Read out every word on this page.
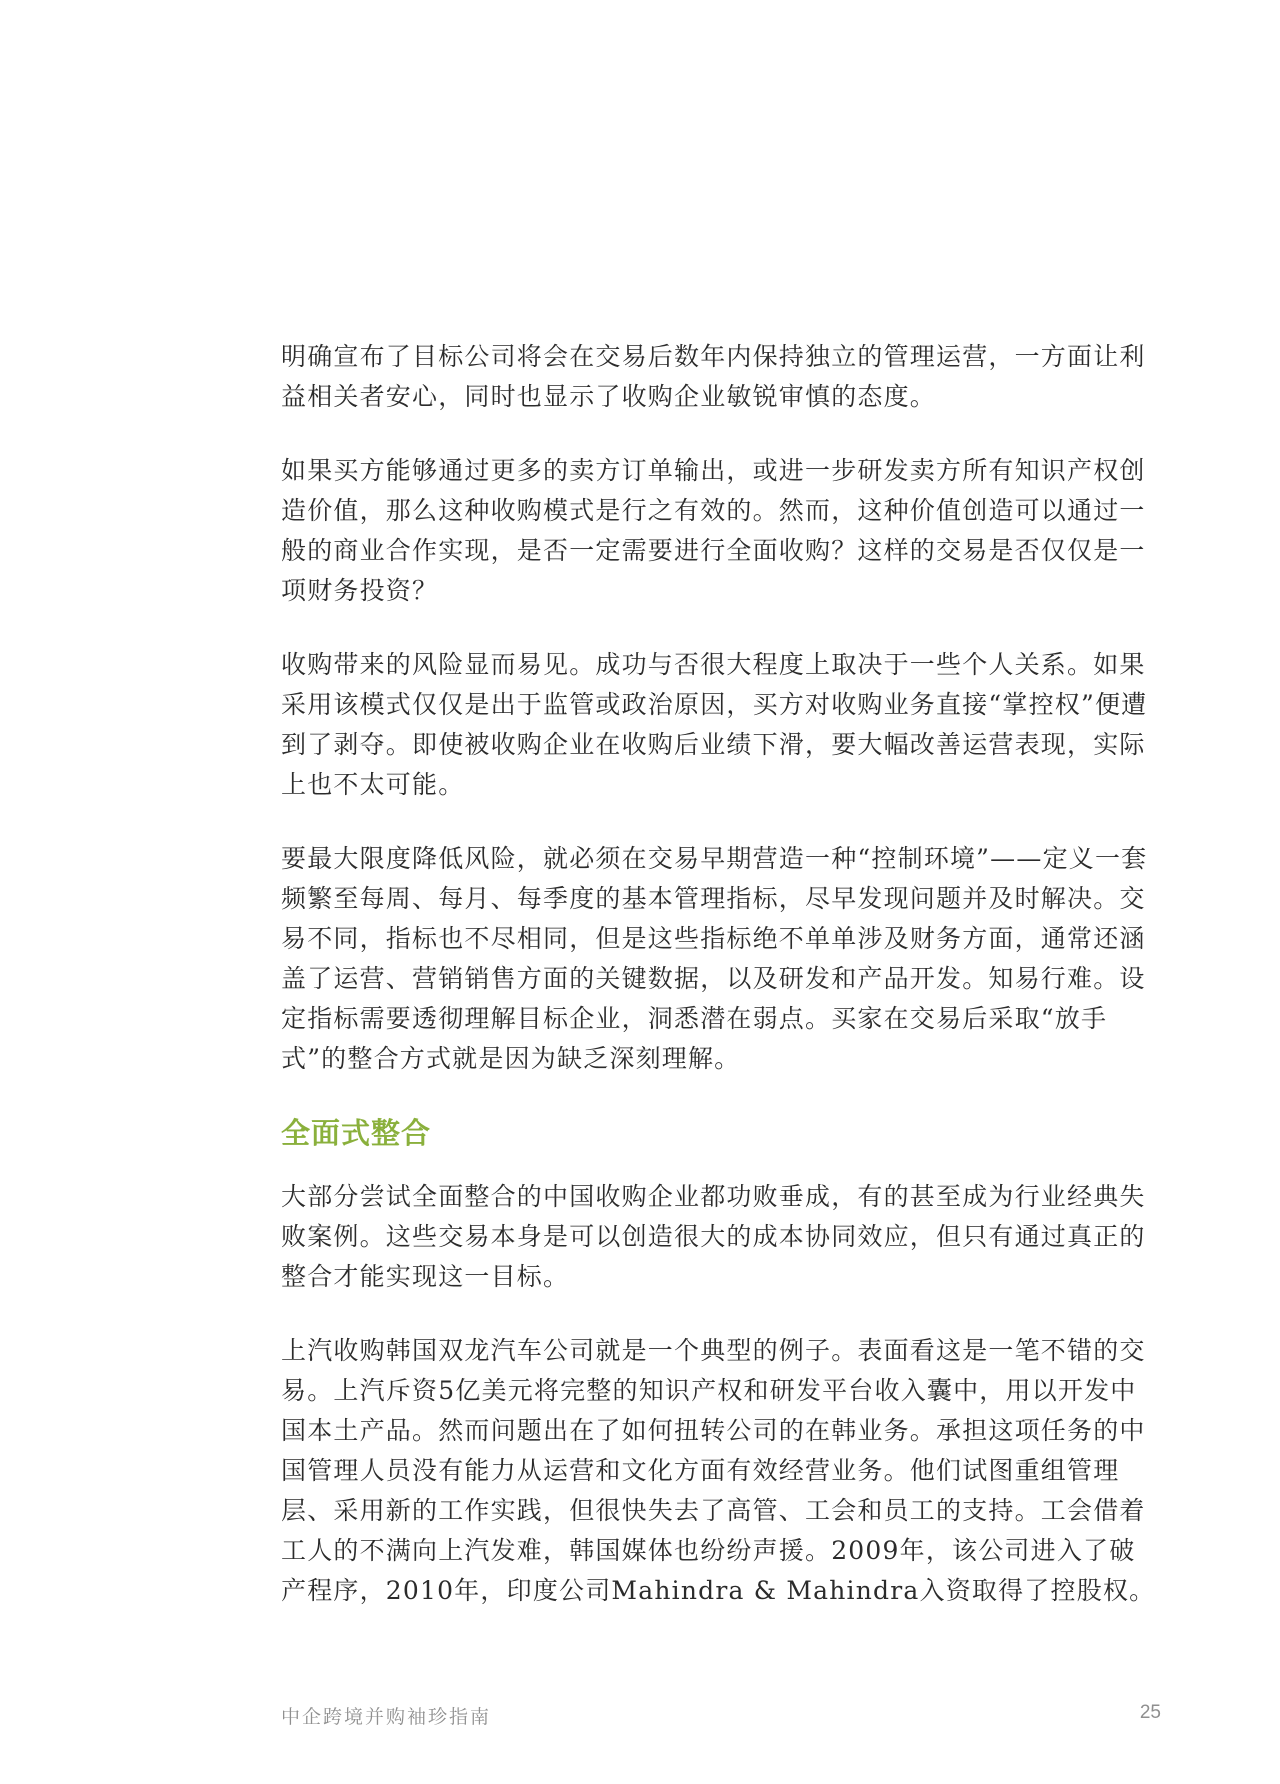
明确宣布了目标公司将会在交易后数年内保持独立的管理运营，一方面让利益相关者安心，同时也显示了收购企业敏锐审慎的态度。

如果买方能够通过更多的卖方订单输出，或进一步研发卖方所有知识产权创造价值，那么这种收购模式是行之有效的。然而，这种价值创造可以通过一般的商业合作实现，是否一定需要进行全面收购？这样的交易是否仅仅是一项财务投资？

收购带来的风险显而易见。成功与否很大程度上取决于一些个人关系。如果采用该模式仅仅是出于监管或政治原因，买方对收购业务直接“掌控权”便遭到了剥夺。即使被收购企业在收购后业绩下滑，要大幅改善运营表现，实际上也不太可能。

要最大限度降低风险，就必须在交易早期营造一种“控制环境”——定义一套频繁至每周、每月、每季度的基本管理指标，尽早发现问题并及时解决。交易不同，指标也不尽相同，但是这些指标绝不单单涉及财务方面，通常还涵盖了运营、营销销售方面的关键数据，以及研发和产品开发。知易行难。设定指标需要透彻理解目标企业，洞悉潜在弱点。买家在交易后采取“放手式”的整合方式就是因为缺乏深刻理解。

全面式整合

大部分尝试全面整合的中国收购企业都功败垂成，有的甚至成为行业经典失败案例。这些交易本身是可以创造很大的成本协同效应，但只有通过真正的整合才能实现这一目标。

上汽收购韩国双龙汽车公司就是一个典型的例子。表面看这是一笔不错的交易。上汽斥资5亿美元将完整的知识产权和研发平台收入囊中，用以开发中国本土产品。然而问题出在了如何扭转公司的在韩业务。承担这项任务的中国管理人员没有能力从运营和文化方面有效经营业务。他们试图重组管理层、采用新的工作实践，但很快失去了高管、工会和员工的支持。工会借着工人的不满向上汽发难，韩国媒体也纷纷声援。2009年，该公司进入了破产程序，2010年，印度公司Mahindra & Mahindra入资取得了控股权。

中企跨境并购袖珍指南	25
